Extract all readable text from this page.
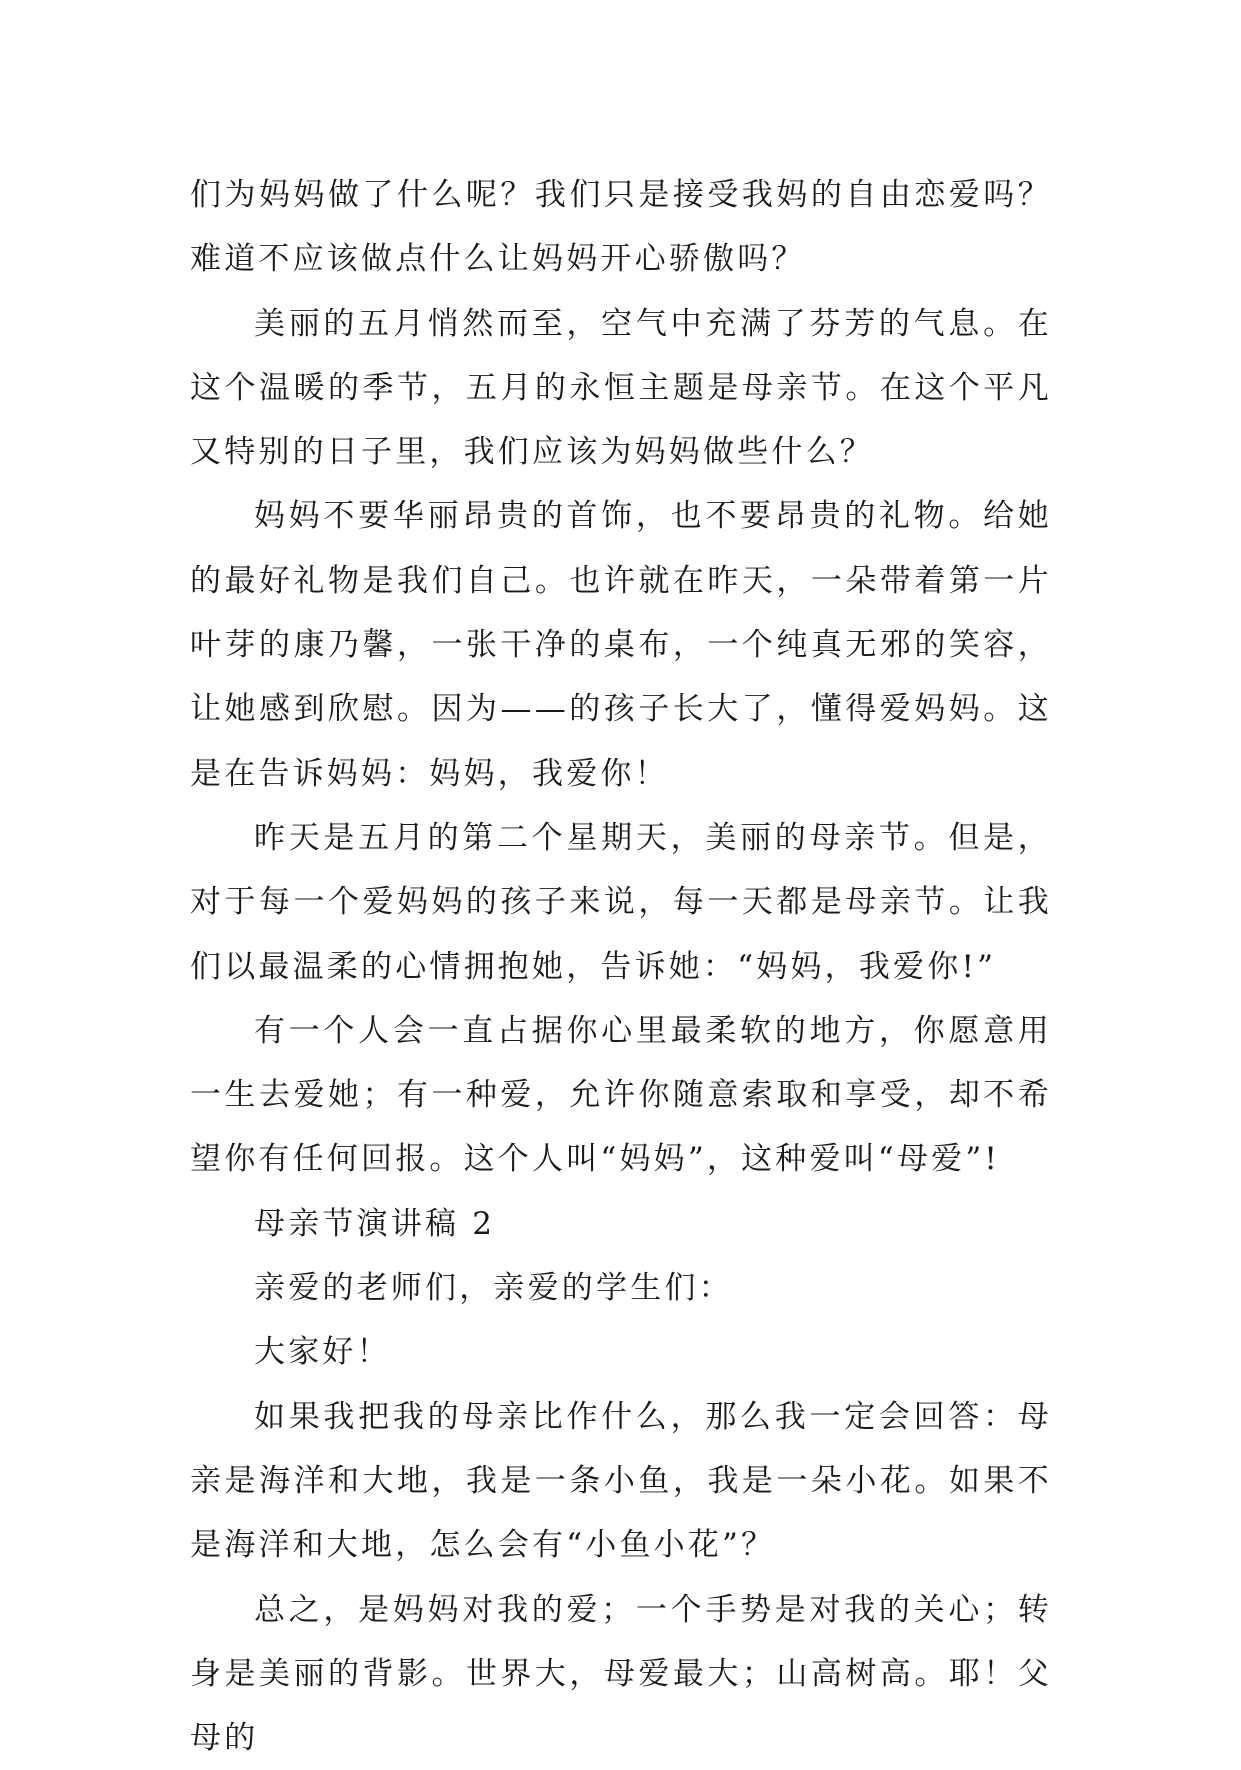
们为妈妈做了什么呢？我们只是接受我妈的自由恋爱吗？难道不应该做点什么让妈妈开心骄傲吗？

美丽的五月悄然而至，空气中充满了芬芳的气息。在这个温暖的季节，五月的永恒主题是母亲节。在这个平凡又特别的日子里，我们应该为妈妈做些什么？

妈妈不要华丽昂贵的首饰，也不要昂贵的礼物。给她的最好礼物是我们自己。也许就在昨天，一朵带着第一片叶芽的康乃馨，一张干净的桌布，一个纯真无邪的笑容，让她感到欣慰。因为——的孩子长大了，懂得爱妈妈。这是在告诉妈妈：妈妈，我爱你！

昨天是五月的第二个星期天，美丽的母亲节。但是，对于每一个爱妈妈的孩子来说，每一天都是母亲节。让我们以最温柔的心情拥抱她，告诉她：“妈妈，我爱你!”

有一个人会一直占据你心里最柔软的地方，你愿意用一生去爱她；有一种爱，允许你随意索取和享受，却不希望你有任何回报。这个人叫“妈妈”，这种爱叫“母爱”!

母亲节演讲稿 2

亲爱的老师们，亲爱的学生们：

大家好！

如果我把我的母亲比作什么，那么我一定会回答：母亲是海洋和大地，我是一条小鱼，我是一朵小花。如果不是海洋和大地，怎么会有“小鱼小花”？

总之，是妈妈对我的爱；一个手势是对我的关心；转身是美丽的背影。世界大，母爱最大；山高树高。耶！父母的
